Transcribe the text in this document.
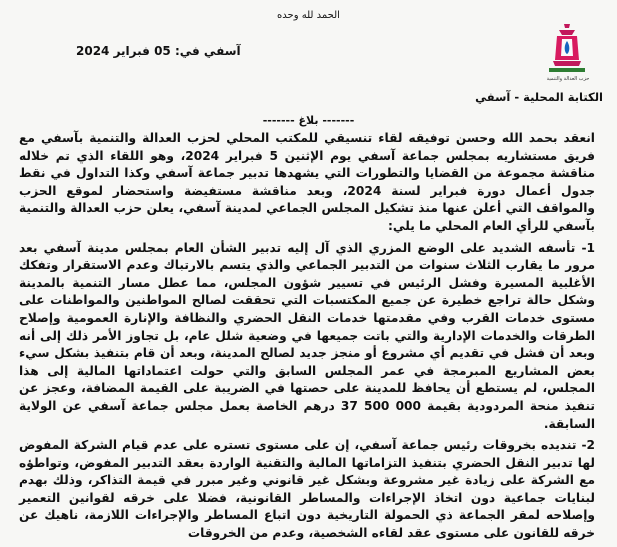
الحمد لله وحده
حزب العدالة والتنمية
الكتابة المحلية - آسفي
آسفي في: 05 فبراير 2024
------- بلاغ -------

انعقد بحمد الله وحسن توفيقه لقاء تنسيقي للمكتب المحلي لحزب العدالة والتنمية بآسفي مع فريق مستشاريه بمجلس جماعة آسفي يوم الإثنين 5 فبراير 2024، وهو اللقاء الذي تم خلاله مناقشة مجموعة من القضايا والتطورات التي يشهدها تدبير جماعة آسفي وكذا التداول في نقط جدول أعمال دورة فبراير لسنة 2024، وبعد مناقشة مستفيضة واستحضار لموقع الحزب والمواقف التي أعلن عنها منذ تشكيل المجلس الجماعي لمدينة آسفي، يعلن حزب العدالة والتنمية بآسفي للرأي العام المحلي ما يلي:

1- تأسفه الشديد على الوضع المزري الذي آل إليه تدبير الشأن العام بمجلس مدينة آسفي بعد مرور ما يقارب الثلاث سنوات من التدبير الجماعي والذي يتسم بالارتباك وعدم الاستقرار وتفكك الأغلبية المسيرة وفشل الرئيس في تسيير شؤون المجلس، مما عطل مسار التنمية بالمدينة وشكل حالة تراجع خطيرة عن جميع المكتسبات التي تحققت لصالح المواطنين والمواطنات على مستوى خدمات القرب وفي مقدمتها خدمات النقل الحضري والنظافة والإنارة العمومية وإصلاح الطرقات والخدمات الإدارية والتي باتت جميعها في وضعية شلل عام، بل تجاوز الأمر ذلك إلى أنه وبعد أن فشل في تقديم أي مشروع أو منجز جديد لصالح المدينة، وبعد أن قام بتنفيذ بشكل سيء بعض المشاريع المبرمجة في عمر المجلس السابق والتي حولت اعتماداتها المالية إلى هذا المجلس، لم يستطع أن يحافظ للمدينة على حصتها في الضريبة على القيمة المضافة، وعجز عن تنفيذ منحة المردودية بقيمة 000 500 37 درهم الخاصة بعمل مجلس جماعة آسفي عن الولاية السابقة.

2- تنديده بخروقات رئيس جماعة آسفي، إن على مستوى تستره على عدم قيام الشركة المفوض لها تدبير النقل الحضري بتنفيذ التزاماتها المالية والتقنية الواردة بعقد التدبير المفوض، وتواطؤه مع الشركة على زيادة غير مشروعة وبشكل غير قانوني وغير مبرر في قيمة التذاكر، وذلك بهدم لبنايات جماعية دون اتخاذ الإجراءات والمساطر القانونية، فضلا على خرقه لقوانين التعمير وإصلاحه لمقر الجماعة ذي الحمولة التاريخية دون اتباع المساطر والإجراءات اللازمة، ناهيك عن خرقه للقانون على مستوى عقد لقاءه الشخصية، وعدم من الخروقات
